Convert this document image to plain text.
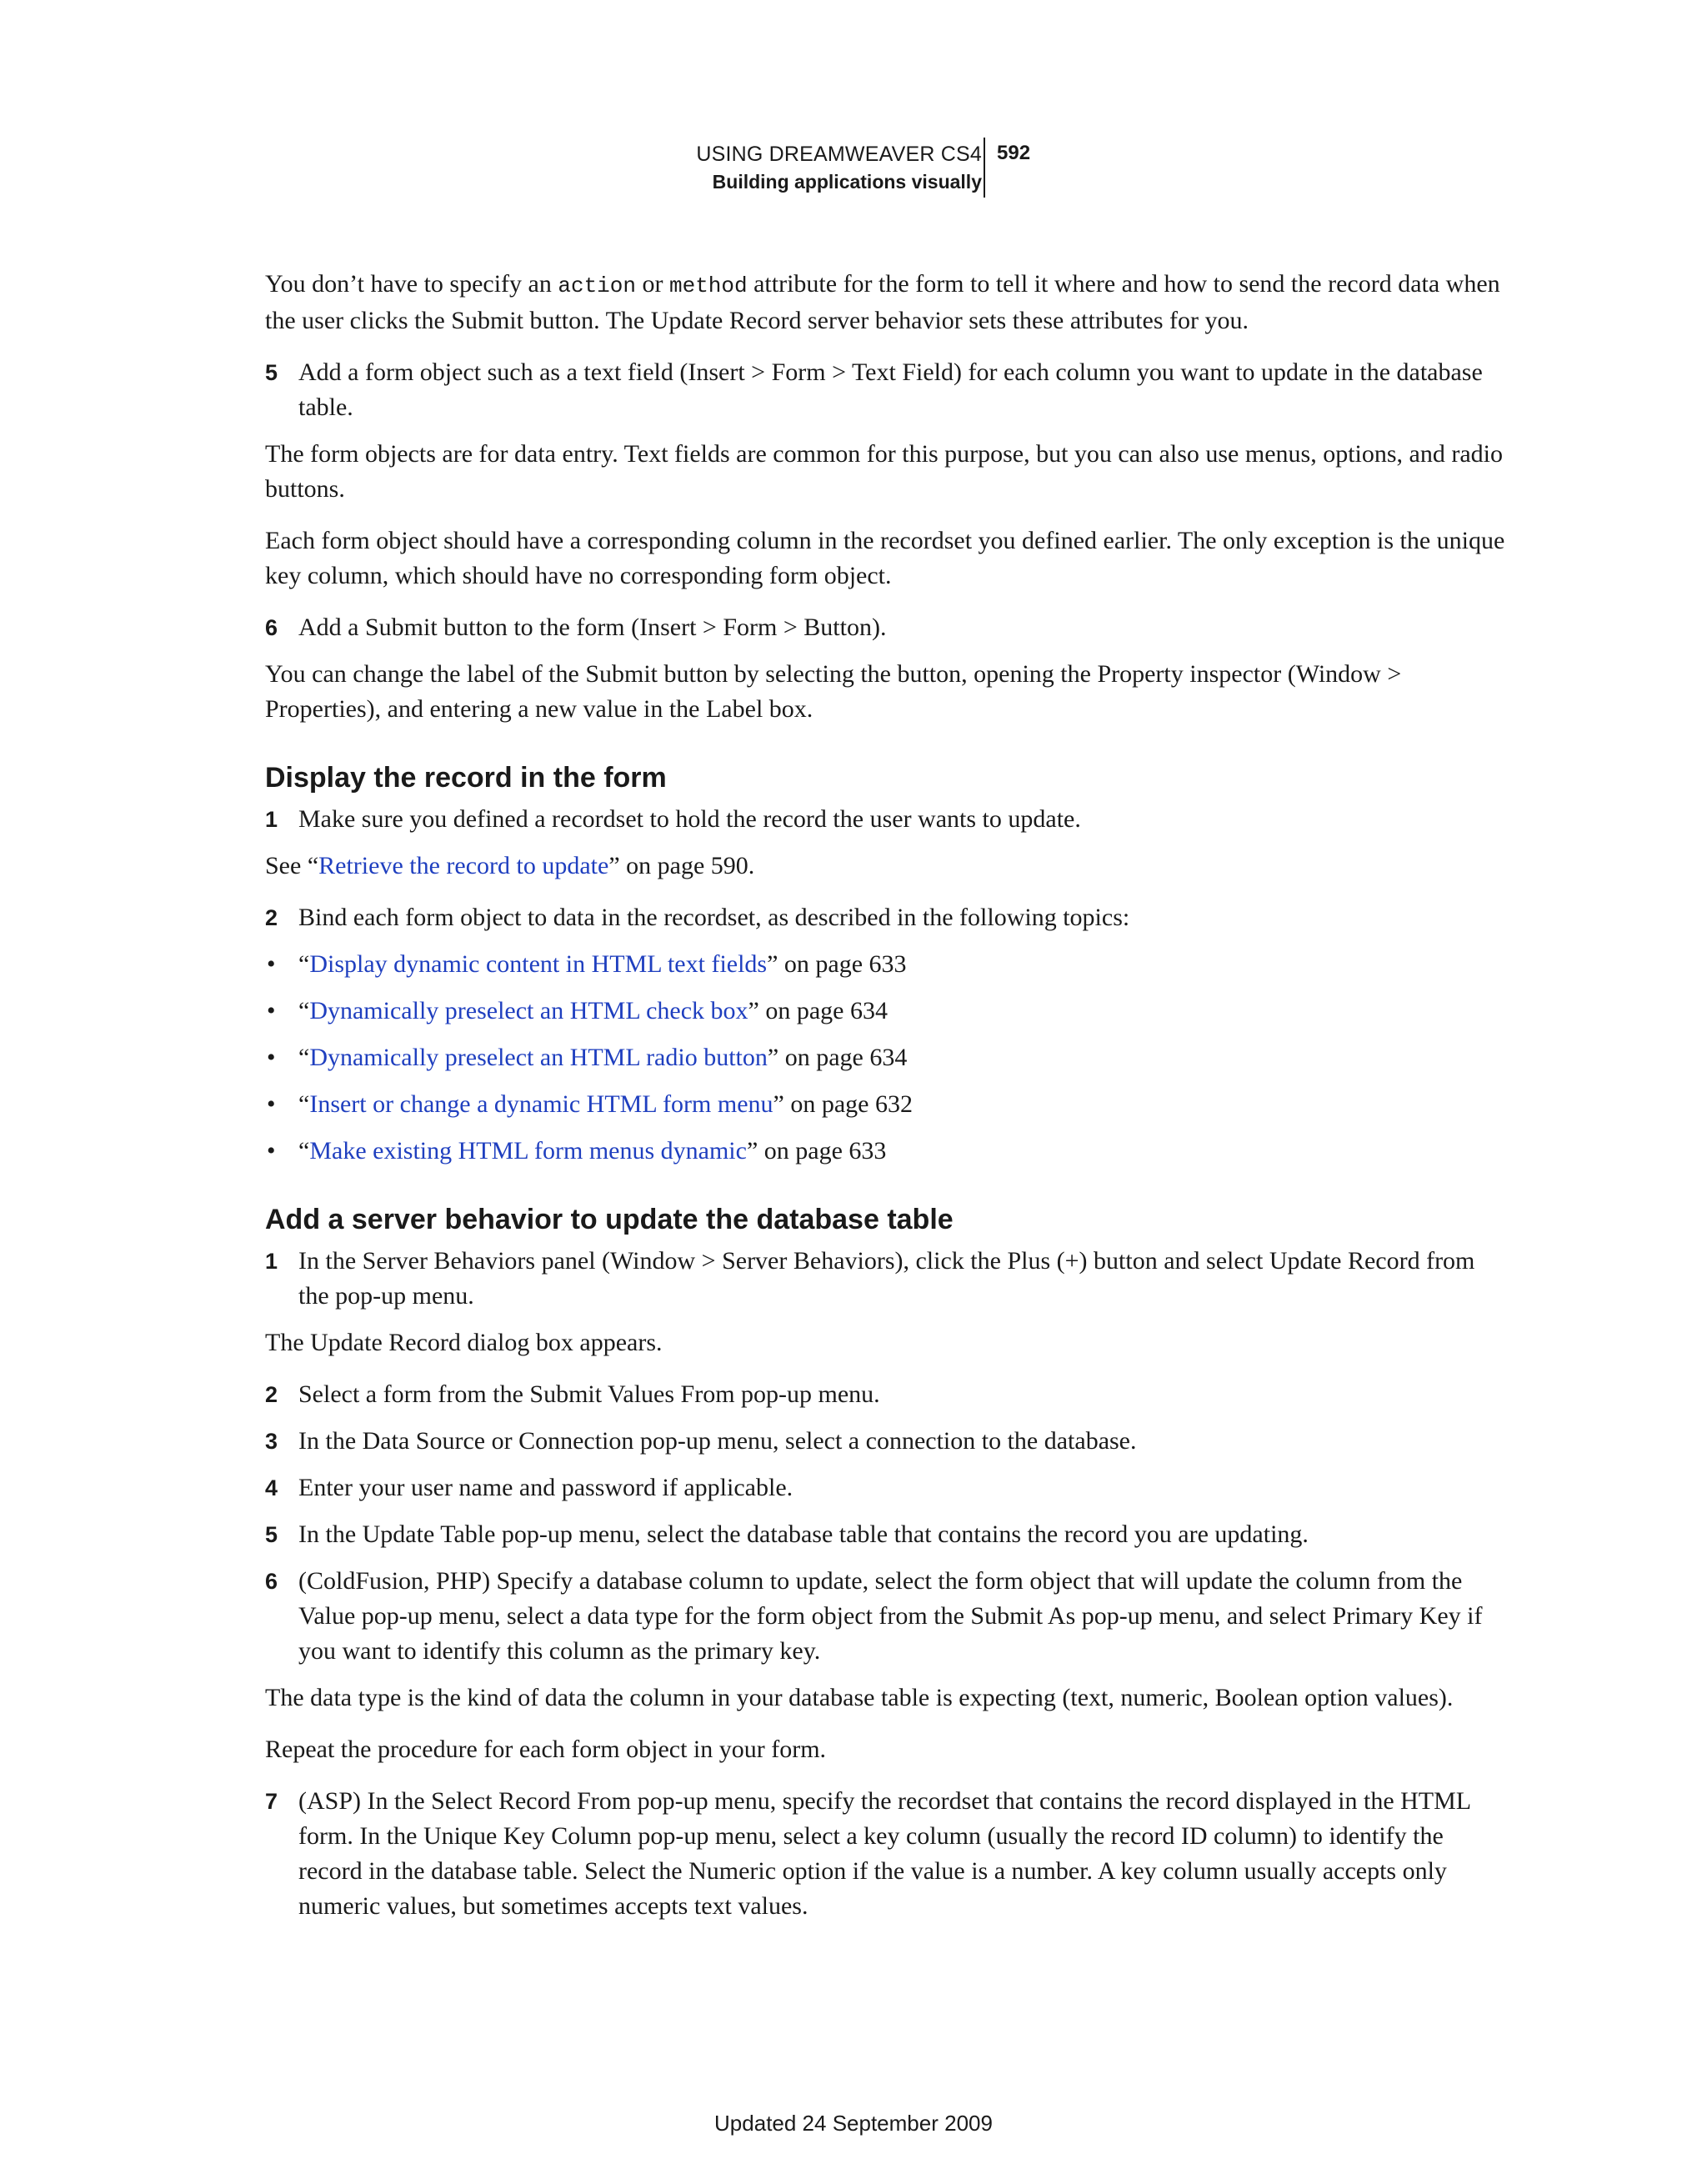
USING DREAMWEAVER CS4
Building applications visually
592

You don’t have to specify an action or method attribute for the form to tell it where and how to send the record data when the user clicks the Submit button. The Update Record server behavior sets these attributes for you.

5 Add a form object such as a text field (Insert > Form > Text Field) for each column you want to update in the database table.

The form objects are for data entry. Text fields are common for this purpose, but you can also use menus, options, and radio buttons.

Each form object should have a corresponding column in the recordset you defined earlier. The only exception is the unique key column, which should have no corresponding form object.

6 Add a Submit button to the form (Insert > Form > Button).

You can change the label of the Submit button by selecting the button, opening the Property inspector (Window > Properties), and entering a new value in the Label box.

Display the record in the form
1 Make sure you defined a recordset to hold the record the user wants to update.

See “Retrieve the record to update” on page 590.

2 Bind each form object to data in the recordset, as described in the following topics:
• “Display dynamic content in HTML text fields” on page 633
• “Dynamically preselect an HTML check box” on page 634
• “Dynamically preselect an HTML radio button” on page 634
• “Insert or change a dynamic HTML form menu” on page 632
• “Make existing HTML form menus dynamic” on page 633
Add a server behavior to update the database table
1 In the Server Behaviors panel (Window > Server Behaviors), click the Plus (+) button and select Update Record from the pop-up menu.

The Update Record dialog box appears.

2 Select a form from the Submit Values From pop-up menu.
3 In the Data Source or Connection pop-up menu, select a connection to the database.
4 Enter your user name and password if applicable.
5 In the Update Table pop-up menu, select the database table that contains the record you are updating.
6 (ColdFusion, PHP) Specify a database column to update, select the form object that will update the column from the Value pop-up menu, select a data type for the form object from the Submit As pop-up menu, and select Primary Key if you want to identify this column as the primary key.

The data type is the kind of data the column in your database table is expecting (text, numeric, Boolean option values).

Repeat the procedure for each form object in your form.

7 (ASP) In the Select Record From pop-up menu, specify the recordset that contains the record displayed in the HTML form. In the Unique Key Column pop-up menu, select a key column (usually the record ID column) to identify the record in the database table. Select the Numeric option if the value is a number. A key column usually accepts only numeric values, but sometimes accepts text values.
Updated 24 September 2009
